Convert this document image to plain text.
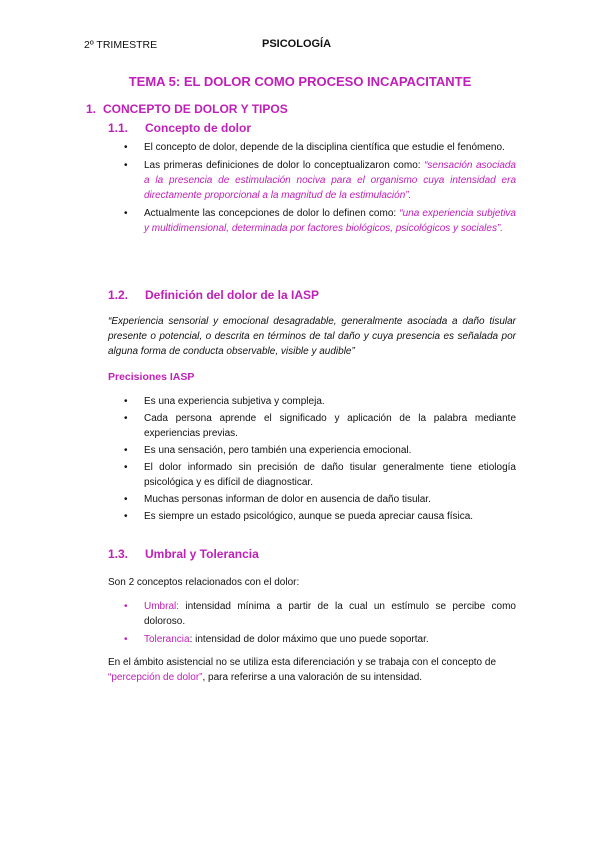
2º TRIMESTRE	PSICOLOGÍA
TEMA 5: EL DOLOR COMO PROCESO INCAPACITANTE
1. CONCEPTO DE DOLOR Y TIPOS
1.1. Concepto de dolor
• El concepto de dolor, depende de la disciplina científica que estudie el fenómeno.
• Las primeras definiciones de dolor lo conceptualizaron como: “sensación asociada a la presencia de estimulación nociva para el organismo cuya intensidad era directamente proporcional a la magnitud de la estimulación”.
• Actualmente las concepciones de dolor lo definen como: “una experiencia subjetiva y multidimensional, determinada por factores biológicos, psicológicos y sociales”.
1.2. Definición del dolor de la IASP
“Experiencia sensorial y emocional desagradable, generalmente asociada a daño tisular presente o potencial, o descrita en términos de tal daño y cuya presencia es señalada por alguna forma de conducta observable, visible y audible”
Precisiones IASP
• Es una experiencia subjetiva y compleja.
• Cada persona aprende el significado y aplicación de la palabra mediante experiencias previas.
• Es una sensación, pero también una experiencia emocional.
• El dolor informado sin precisión de daño tisular generalmente tiene etiología psicológica y es difícil de diagnosticar.
• Muchas personas informan de dolor en ausencia de daño tisular.
• Es siempre un estado psicológico, aunque se pueda apreciar causa física.
1.3. Umbral y Tolerancia
Son 2 conceptos relacionados con el dolor:
• Umbral: intensidad mínima a partir de la cual un estímulo se percibe como doloroso.
• Tolerancia: intensidad de dolor máximo que uno puede soportar.
En el ámbito asistencial no se utiliza esta diferenciación y se trabaja con el concepto de “percepción de dolor”, para referirse a una valoración de su intensidad.
